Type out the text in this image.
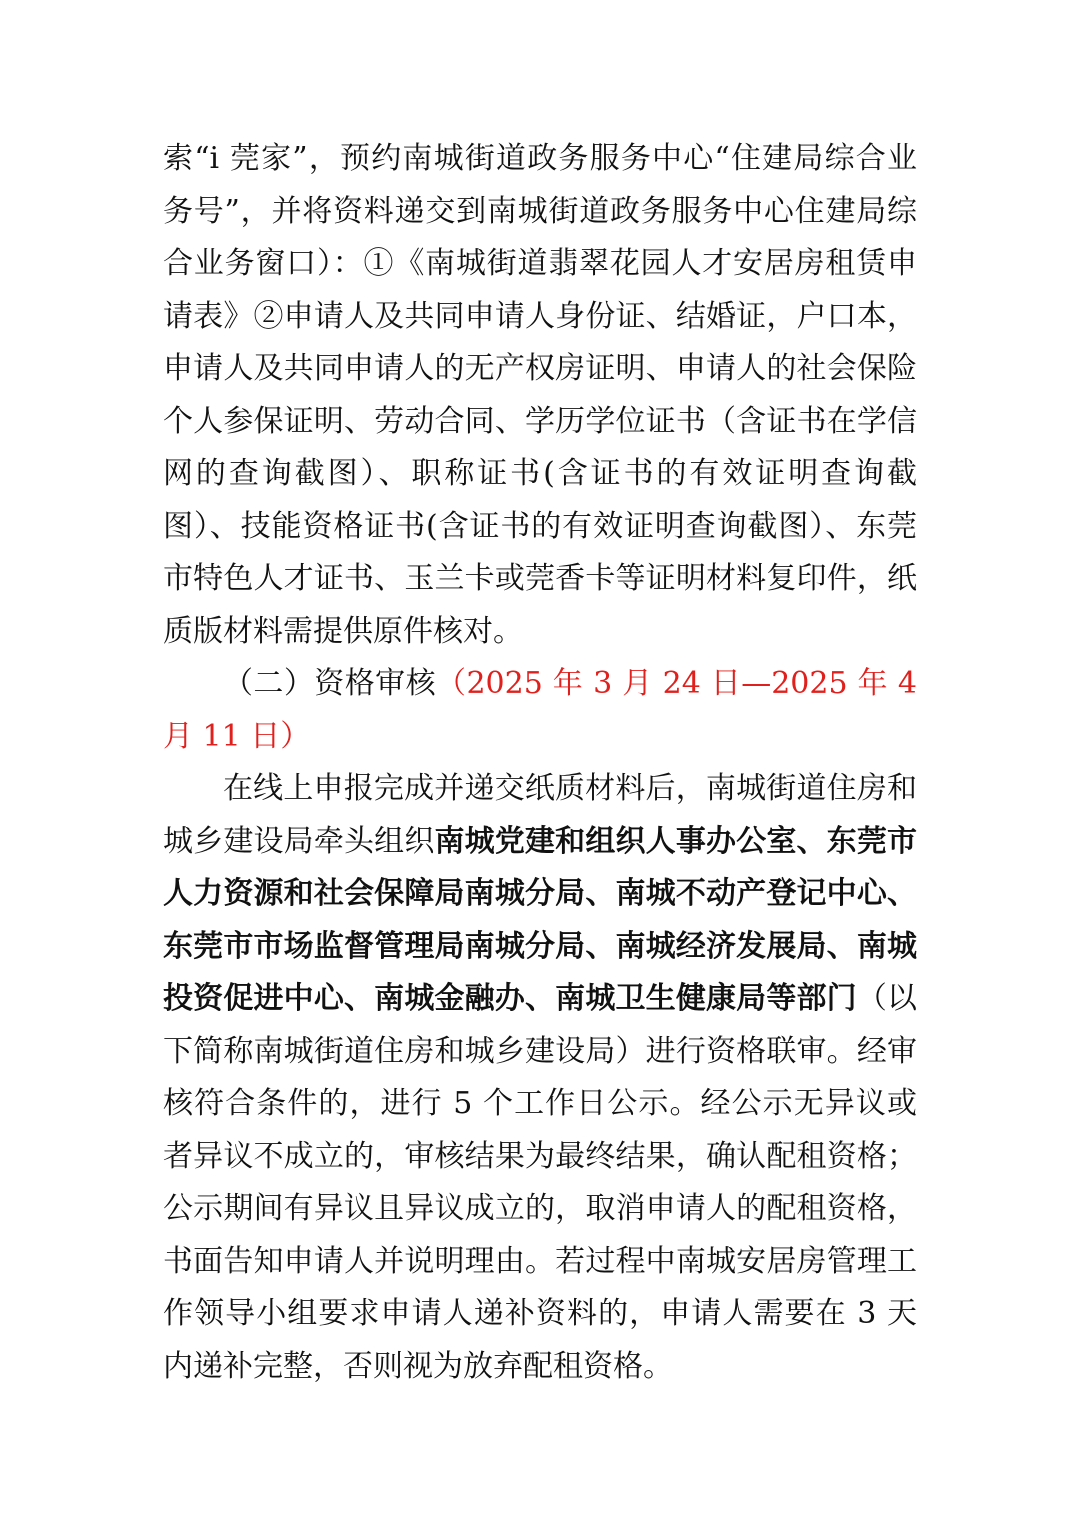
索“i 莞家”，预约南城街道政务服务中心“住建局综合业务号”，并将资料递交到南城街道政务服务中心住建局综合业务窗口）：①《南城街道翡翠花园人才安居房租赁申请表》②申请人及共同申请人身份证、结婚证，户口本，申请人及共同申请人的无产权房证明、申请人的社会保险个人参保证明、劳动合同、学历学位证书（含证书在学信网的查询截图）、职称证书(含证书的有效证明查询截图）、技能资格证书(含证书的有效证明查询截图）、东莞市特色人才证书、玉兰卡或莞香卡等证明材料复印件，纸质版材料需提供原件核对。

（二）资格审核（2025 年 3 月 24 日—2025 年 4 月 11 日）

在线上申报完成并递交纸质材料后，南城街道住房和城乡建设局牵头组织南城党建和组织人事办公室、东莞市人力资源和社会保障局南城分局、南城不动产登记中心、东莞市市场监督管理局南城分局、南城经济发展局、南城投资促进中心、南城金融办、南城卫生健康局等部门（以下简称南城街道住房和城乡建设局）进行资格联审。经审核符合条件的，进行 5 个工作日公示。经公示无异议或者异议不成立的，审核结果为最终结果，确认配租资格；公示期间有异议且异议成立的，取消申请人的配租资格，书面告知申请人并说明理由。若过程中南城安居房管理工作领导小组要求申请人递补资料的，申请人需要在 3 天内递补完整，否则视为放弃配租资格。
